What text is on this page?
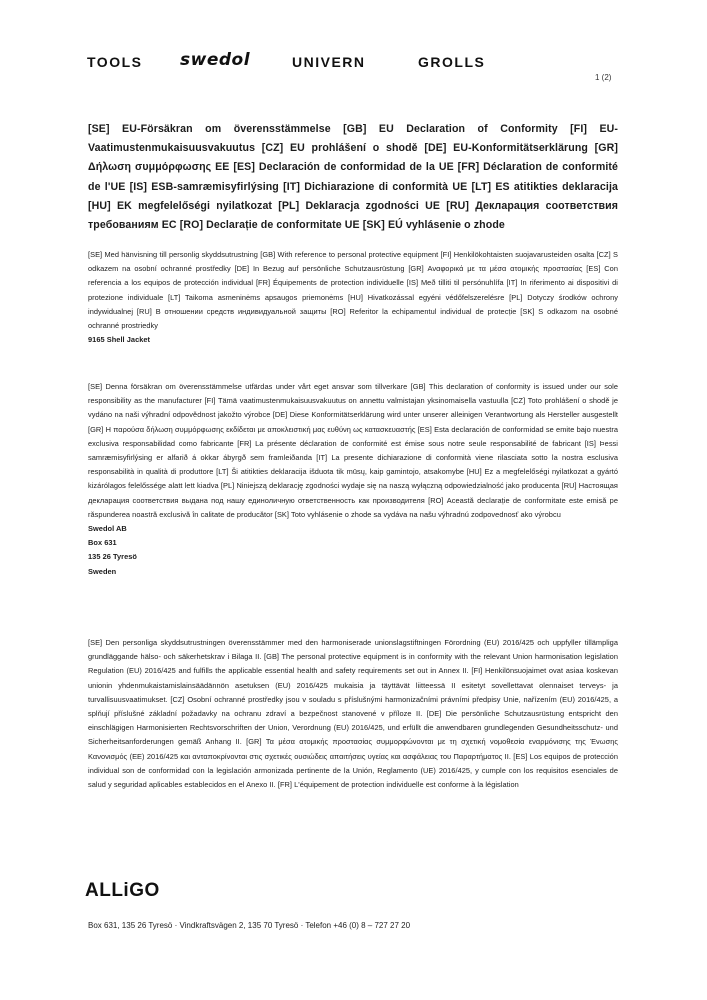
TOOLS swedol	UNIVERN	GROLLS
1 (2)
[SE] EU-Försäkran om överensstämmelse [GB] EU Declaration of Conformity [FI] EU-Vaatimustenmukaisuusvakuutus [CZ] EU prohlášení o shodě [DE] EU-Konformitätserklärung [GR] Δήλωση συμμόρφωσης ΕΕ [ES] Declaración de conformidad de la UE [FR] Déclaration de conformité de l'UE [IS] ESB-samræmisyfirlýsing [IT] Dichiarazione di conformità UE [LT] ES atitikties deklaracija [HU] EK megfelelőségi nyilatkozat [PL] Deklaracja zgodności UE [RU] Декларация соответствия требованиям ЕС [RO] Declarație de conformitate UE [SK] EÚ vyhlásenie o zhode
[SE] Med hänvisning till personlig skyddsutrustning [GB] With reference to personal protective equipment [FI] Henkilökohtaisten suojavarusteiden osalta [CZ] S odkazem na osobní ochranné prostředky [DE] In Bezug auf persönliche Schutzausrüstung [GR] Αναφορικά με τα μέσα ατομικής προστασίας [ES] Con referencia a los equipos de protección individual [FR] Équipements de protection individuelle [IS] Með tilliti til persónuhlífa [IT] In riferimento ai dispositivi di protezione individuale [LT] Taikoma asmeninėms apsaugos priemonėms [HU] Hivatkozással egyéni védőfelszerelésre [PL] Dotyczy środków ochrony indywidualnej [RU] В отношении средств индивидуальной защиты [RO] Referitor la echipamentul individual de protecție [SK] S odkazom na osobné ochranné prostriedky
9165 Shell Jacket
[SE] Denna försäkran om överensstämmelse utfärdas under vårt eget ansvar som tillverkare [GB] This declaration of conformity is issued under our sole responsibility as the manufacturer [FI] Tämä vaatimustenmukaisuusvakuutus on annettu valmistajan yksinomaisella vastuulla [CZ] Toto prohlášení o shodě je vydáno na naši výhradní odpovědnost jakožto výrobce [DE] Diese Konformitätserklärung wird unter unserer alleinigen Verantwortung als Hersteller ausgestellt [GR] Η παρούσα δήλωση συμμόρφωσης εκδίδεται με αποκλειστική μας ευθύνη ως κατασκευαστής [ES] Esta declaración de conformidad se emite bajo nuestra exclusiva responsabilidad como fabricante [FR] La présente déclaration de conformité est émise sous notre seule responsabilité de fabricant [IS] Þessi samræmisyfirlýsing er alfarið á okkar ábyrgð sem framleiðanda [IT] La presente dichiarazione di conformità viene rilasciata sotto la nostra esclusiva responsabilità in qualità di produttore [LT] Ši atitikties deklaracija išduota tik mūsų, kaip gamintojo, atsakomybe [HU] Ez a megfelelőségi nyilatkozat a gyártó kizárólagos felelőssége alatt lett kiadva [PL] Niniejszą deklarację zgodności wydaje się na naszą wyłączną odpowiedzialność jako producenta [RU] Настоящая декларация соответствия выдана под нашу единоличную ответственность как производителя [RO] Această declarație de conformitate este emisă pe răspunderea noastră exclusivă în calitate de producător [SK] Toto vyhlásenie o zhode sa vydáva na našu výhradnú zodpovednosť ako výrobcu
Swedol AB
Box 631
135 26 Tyresö
Sweden
[SE] Den personliga skyddsutrustningen överensstämmer med den harmoniserade unionslagstiftningen Förordning (EU) 2016/425 och uppfyller tillämpliga grundläggande hälso- och säkerhetskrav i Bilaga II. [GB] The personal protective equipment is in conformity with the relevant Union harmonisation legislation Regulation (EU) 2016/425 and fulfills the applicable essential health and safety requirements set out in Annex II. [FI] Henkilönsuojaimet ovat asiaa koskevan unionin yhdenmukaistamislainsäädännön asetuksen (EU) 2016/425 mukaisia ja täyttävät liitteessä II esitetyt sovellettavat olennaiset terveys- ja turvallisuusvaatimukset. [CZ] Osobní ochranné prostředky jsou v souladu s příslušnými harmonizačními právními předpisy Unie, nařízením (EU) 2016/425, a splňují příslušné základní požadavky na ochranu zdraví a bezpečnost stanovené v příloze II. [DE] Die persönliche Schutzausrüstung entspricht den einschlägigen Harmonisierten Rechtsvorschriften der Union, Verordnung (EU) 2016/425, und erfüllt die anwendbaren grundlegenden Gesundheitsschutz- und Sicherheitsanforderungen gemäß Anhang II. [GR] Τα μέσα ατομικής προστασίας συμμορφώνονται με τη σχετική νομοθεσία εναρμόνισης της Ένωσης Κανονισμός (ΕΕ) 2016/425 και ανταποκρίνονται στις σχετικές ουσιώδεις απαιτήσεις υγείας και ασφάλειας του Παραρτήματος II. [ES] Los equipos de protección individual son de conformidad con la legislación armonizada pertinente de la Unión, Reglamento (UE) 2016/425, y cumple con los requisitos esenciales de salud y seguridad aplicables establecidos en el Anexo II. [FR] L'équipement de protection individuelle est conforme à la législation
ALLiGO
Box 631, 135 26 Tyresö · Vindkraftsvägen 2, 135 70 Tyresö · Telefon +46 (0) 8 – 727 27 20
